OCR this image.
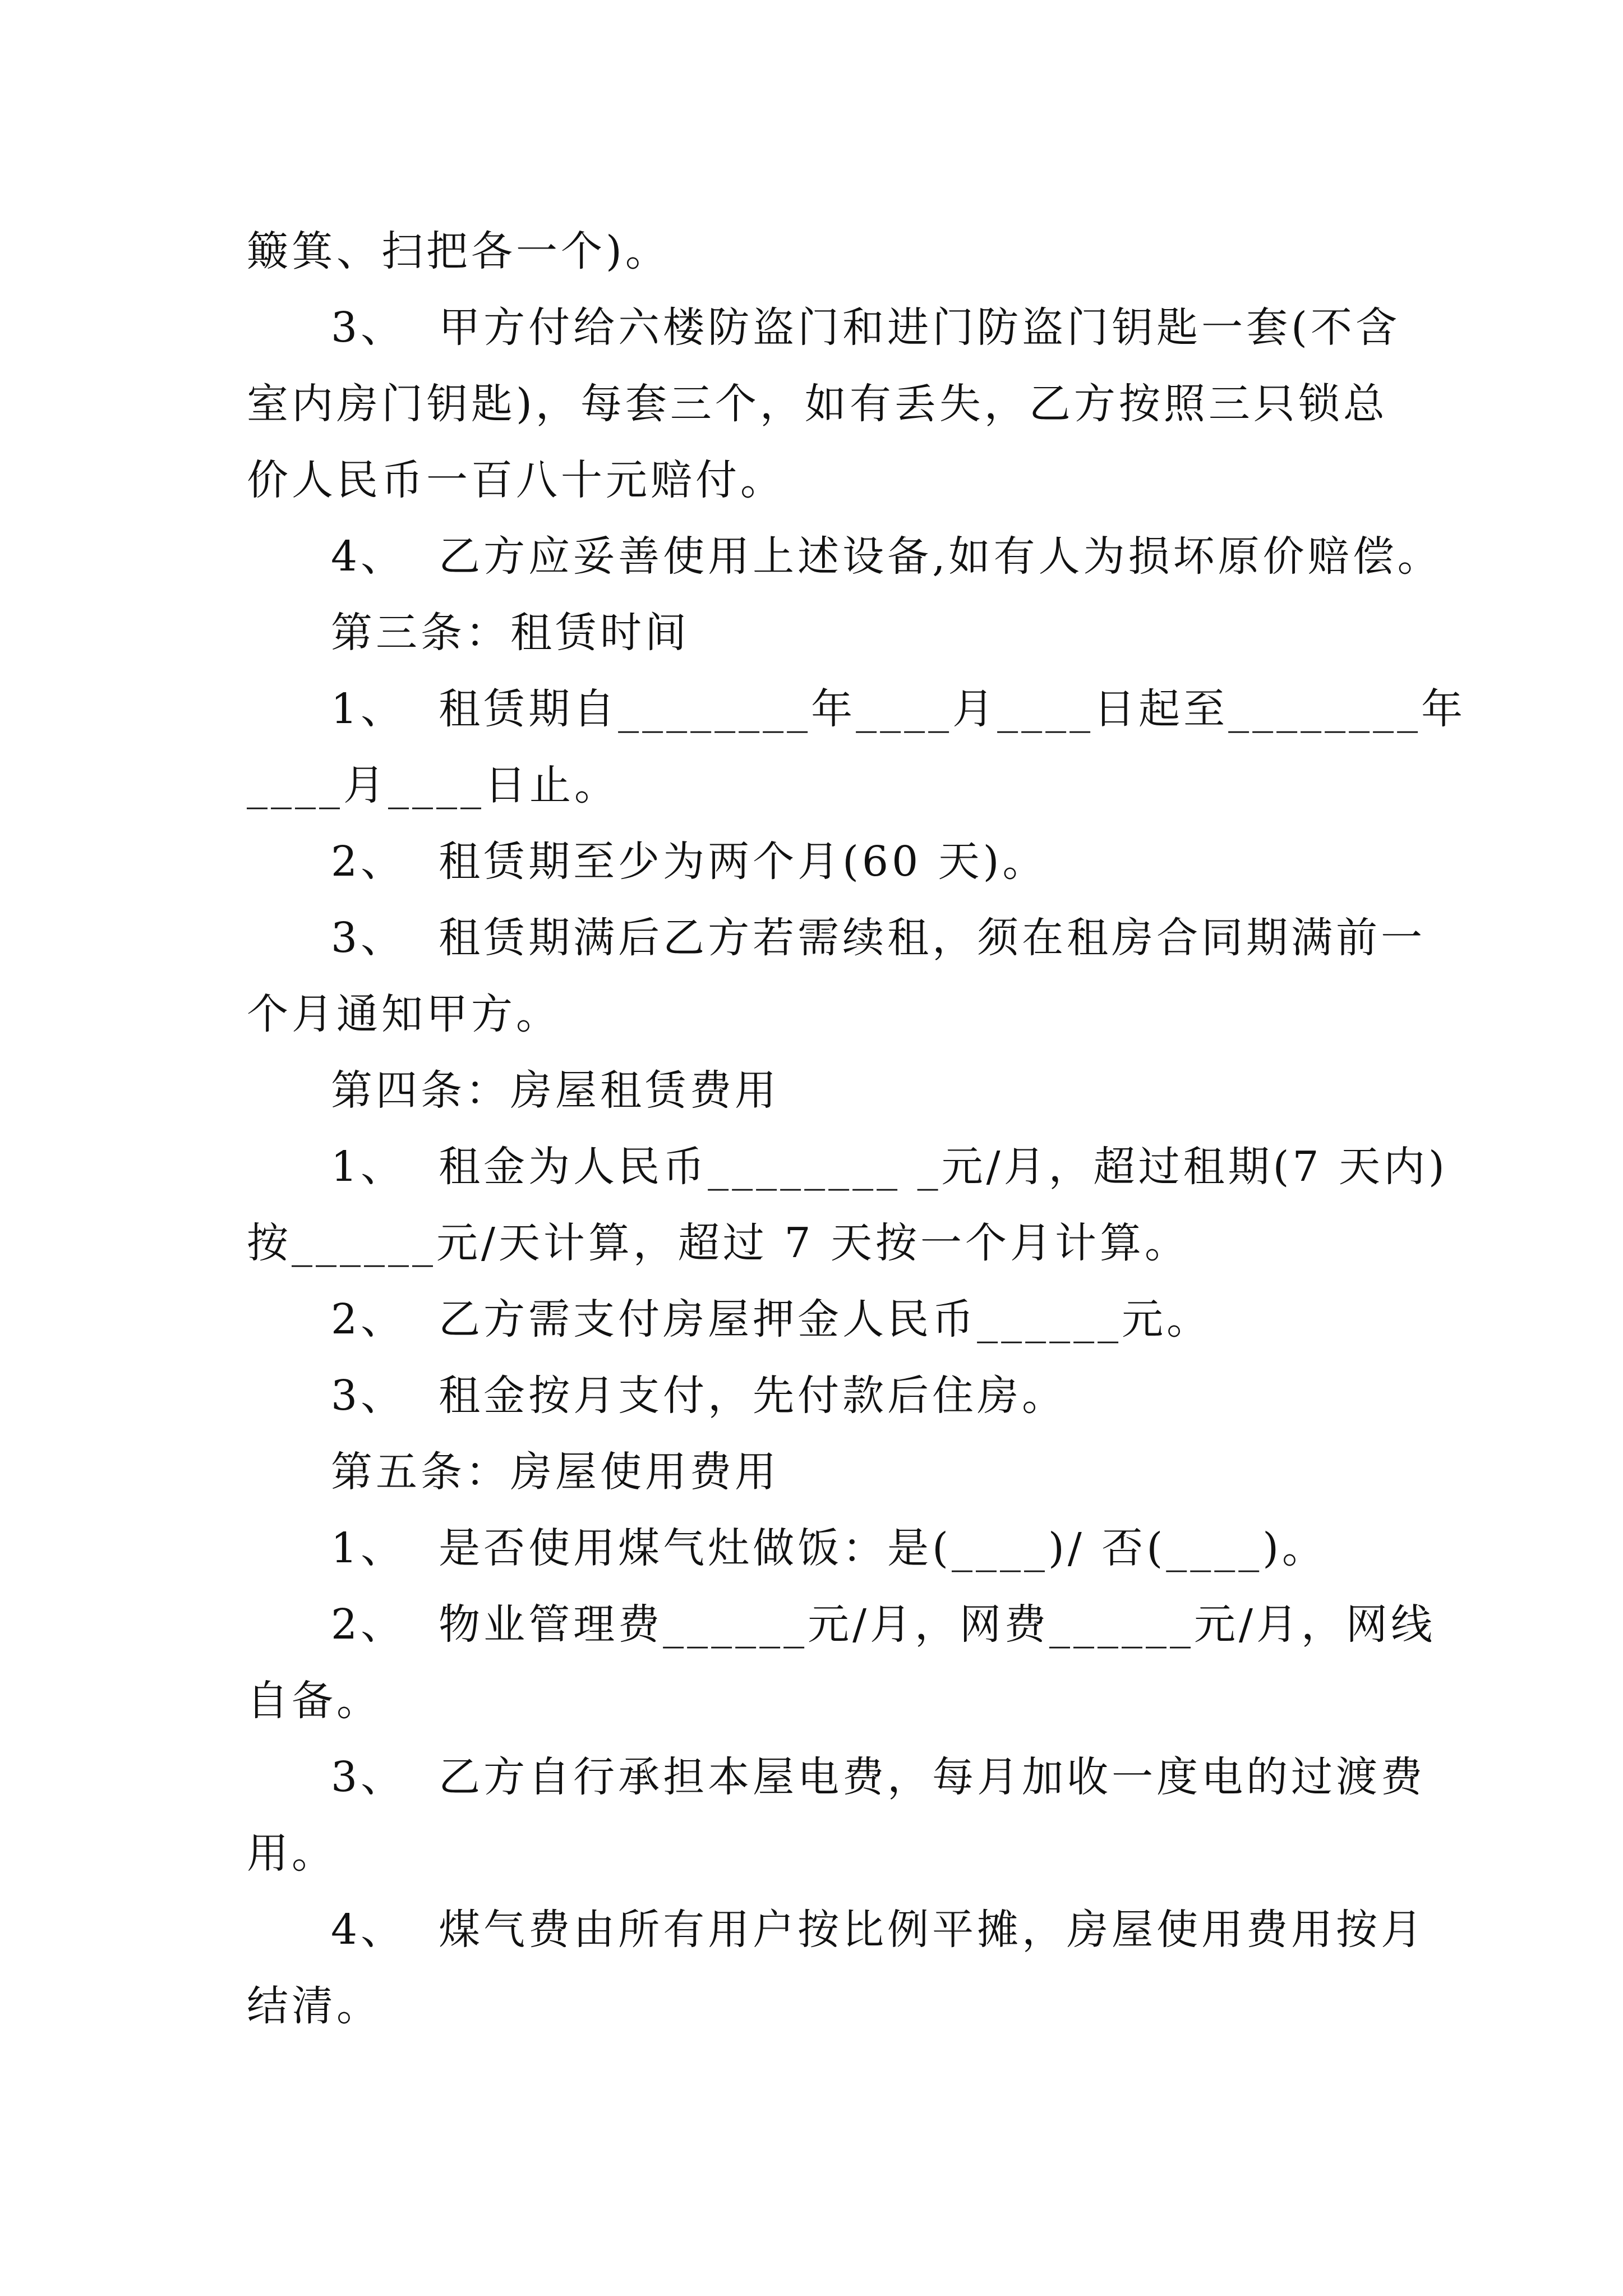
簸箕、扫把各一个)。
3、  甲方付给六楼防盗门和进门防盗门钥匙一套(不含
室内房门钥匙)，每套三个，如有丢失，乙方按照三只锁总
价人民币一百八十元赔付。
4、  乙方应妥善使用上述设备,如有人为损坏原价赔偿。
第三条：租赁时间
1、  租赁期自________年____月____日起至________年
____月____日止。
2、  租赁期至少为两个月(60 天)。
3、  租赁期满后乙方若需续租，须在租房合同期满前一
个月通知甲方。
第四条：房屋租赁费用
1、  租金为人民币________ _元/月，超过租期(7 天内)
按______元/天计算，超过 7 天按一个月计算。
2、  乙方需支付房屋押金人民币______元。
3、  租金按月支付，先付款后住房。
第五条：房屋使用费用
1、  是否使用煤气灶做饭：是(____)/ 否(____)。
2、  物业管理费______元/月，网费______元/月，网线
自备。
3、  乙方自行承担本屋电费，每月加收一度电的过渡费
用。
4、  煤气费由所有用户按比例平摊，房屋使用费用按月
结清。
